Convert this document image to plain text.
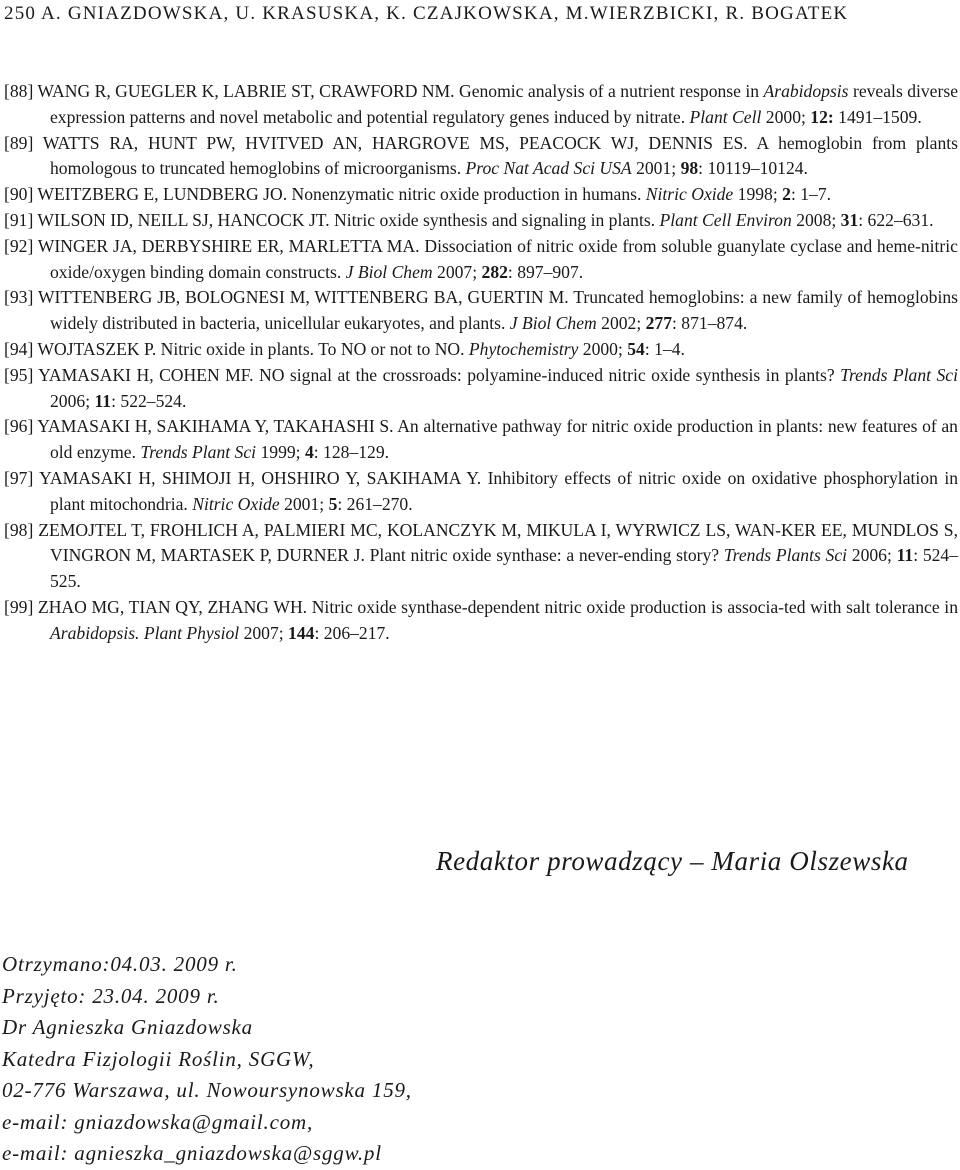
250 A. GNIAZDOWSKA, U. KRASUSKA, K. CZAJKOWSKA, M.WIERZBICKI, R. BOGATEK

[88] WANG R, GUEGLER K, LABRIE ST, CRAWFORD NM. Genomic analysis of a nutrient response in Arabidopsis reveals diverse expression patterns and novel metabolic and potential regulatory genes induced by nitrate. Plant Cell 2000; 12: 1491–1509.

[89] WATTS RA, HUNT PW, HVITVED AN, HARGROVE MS, PEACOCK WJ, DENNIS ES. A hemoglobin from plants homologous to truncated hemoglobins of microorganisms. Proc Nat Acad Sci USA 2001; 98: 10119–10124.

[90] WEITZBERG E, LUNDBERG JO. Nonenzymatic nitric oxide production in humans. Nitric Oxide 1998; 2: 1–7.

[91] WILSON ID, NEILL SJ, HANCOCK JT. Nitric oxide synthesis and signaling in plants. Plant Cell Environ 2008; 31: 622–631.

[92] WINGER JA, DERBYSHIRE ER, MARLETTA MA. Dissociation of nitric oxide from soluble guanylate cyclase and heme-nitric oxide/oxygen binding domain constructs. J Biol Chem 2007; 282: 897–907.

[93] WITTENBERG JB, BOLOGNESI M, WITTENBERG BA, GUERTIN M. Truncated hemoglobins: a new family of hemoglobins widely distributed in bacteria, unicellular eukaryotes, and plants. J Biol Chem 2002; 277: 871–874.

[94] WOJTASZEK P. Nitric oxide in plants. To NO or not to NO. Phytochemistry 2000; 54: 1–4.

[95] YAMASAKI H, COHEN MF. NO signal at the crossroads: polyamine-induced nitric oxide synthesis in plants? Trends Plant Sci 2006; 11: 522–524.

[96] YAMASAKI H, SAKIHAMA Y, TAKAHASHI S. An alternative pathway for nitric oxide production in plants: new features of an old enzyme. Trends Plant Sci 1999; 4: 128–129.

[97] YAMASAKI H, SHIMOJI H, OHSHIRO Y, SAKIHAMA Y. Inhibitory effects of nitric oxide on oxidative phosphorylation in plant mitochondria. Nitric Oxide 2001; 5: 261–270.

[98] ZEMOJTEL T, FROHLICH A, PALMIERI MC, KOLANCZYK M, MIKULA I, WYRWICZ LS, WAN-KER EE, MUNDLOS S, VINGRON M, MARTASEK P, DURNER J. Plant nitric oxide synthase: a never-ending story? Trends Plants Sci 2006; 11: 524–525.

[99] ZHAO MG, TIAN QY, ZHANG WH. Nitric oxide synthase-dependent nitric oxide production is associa-ted with salt tolerance in Arabidopsis. Plant Physiol 2007; 144: 206–217.

Redaktor prowadzący – Maria Olszewska
Otrzymano:04.03. 2009 r.
Przyjęto: 23.04. 2009 r.
Dr Agnieszka Gniazdowska
Katedra Fizjologii Roślin, SGGW,
02-776 Warszawa, ul. Nowoursynowska 159,
e-mail: gniazdowska@gmail.com,
e-mail: agnieszka_gniazdowska@sggw.pl
